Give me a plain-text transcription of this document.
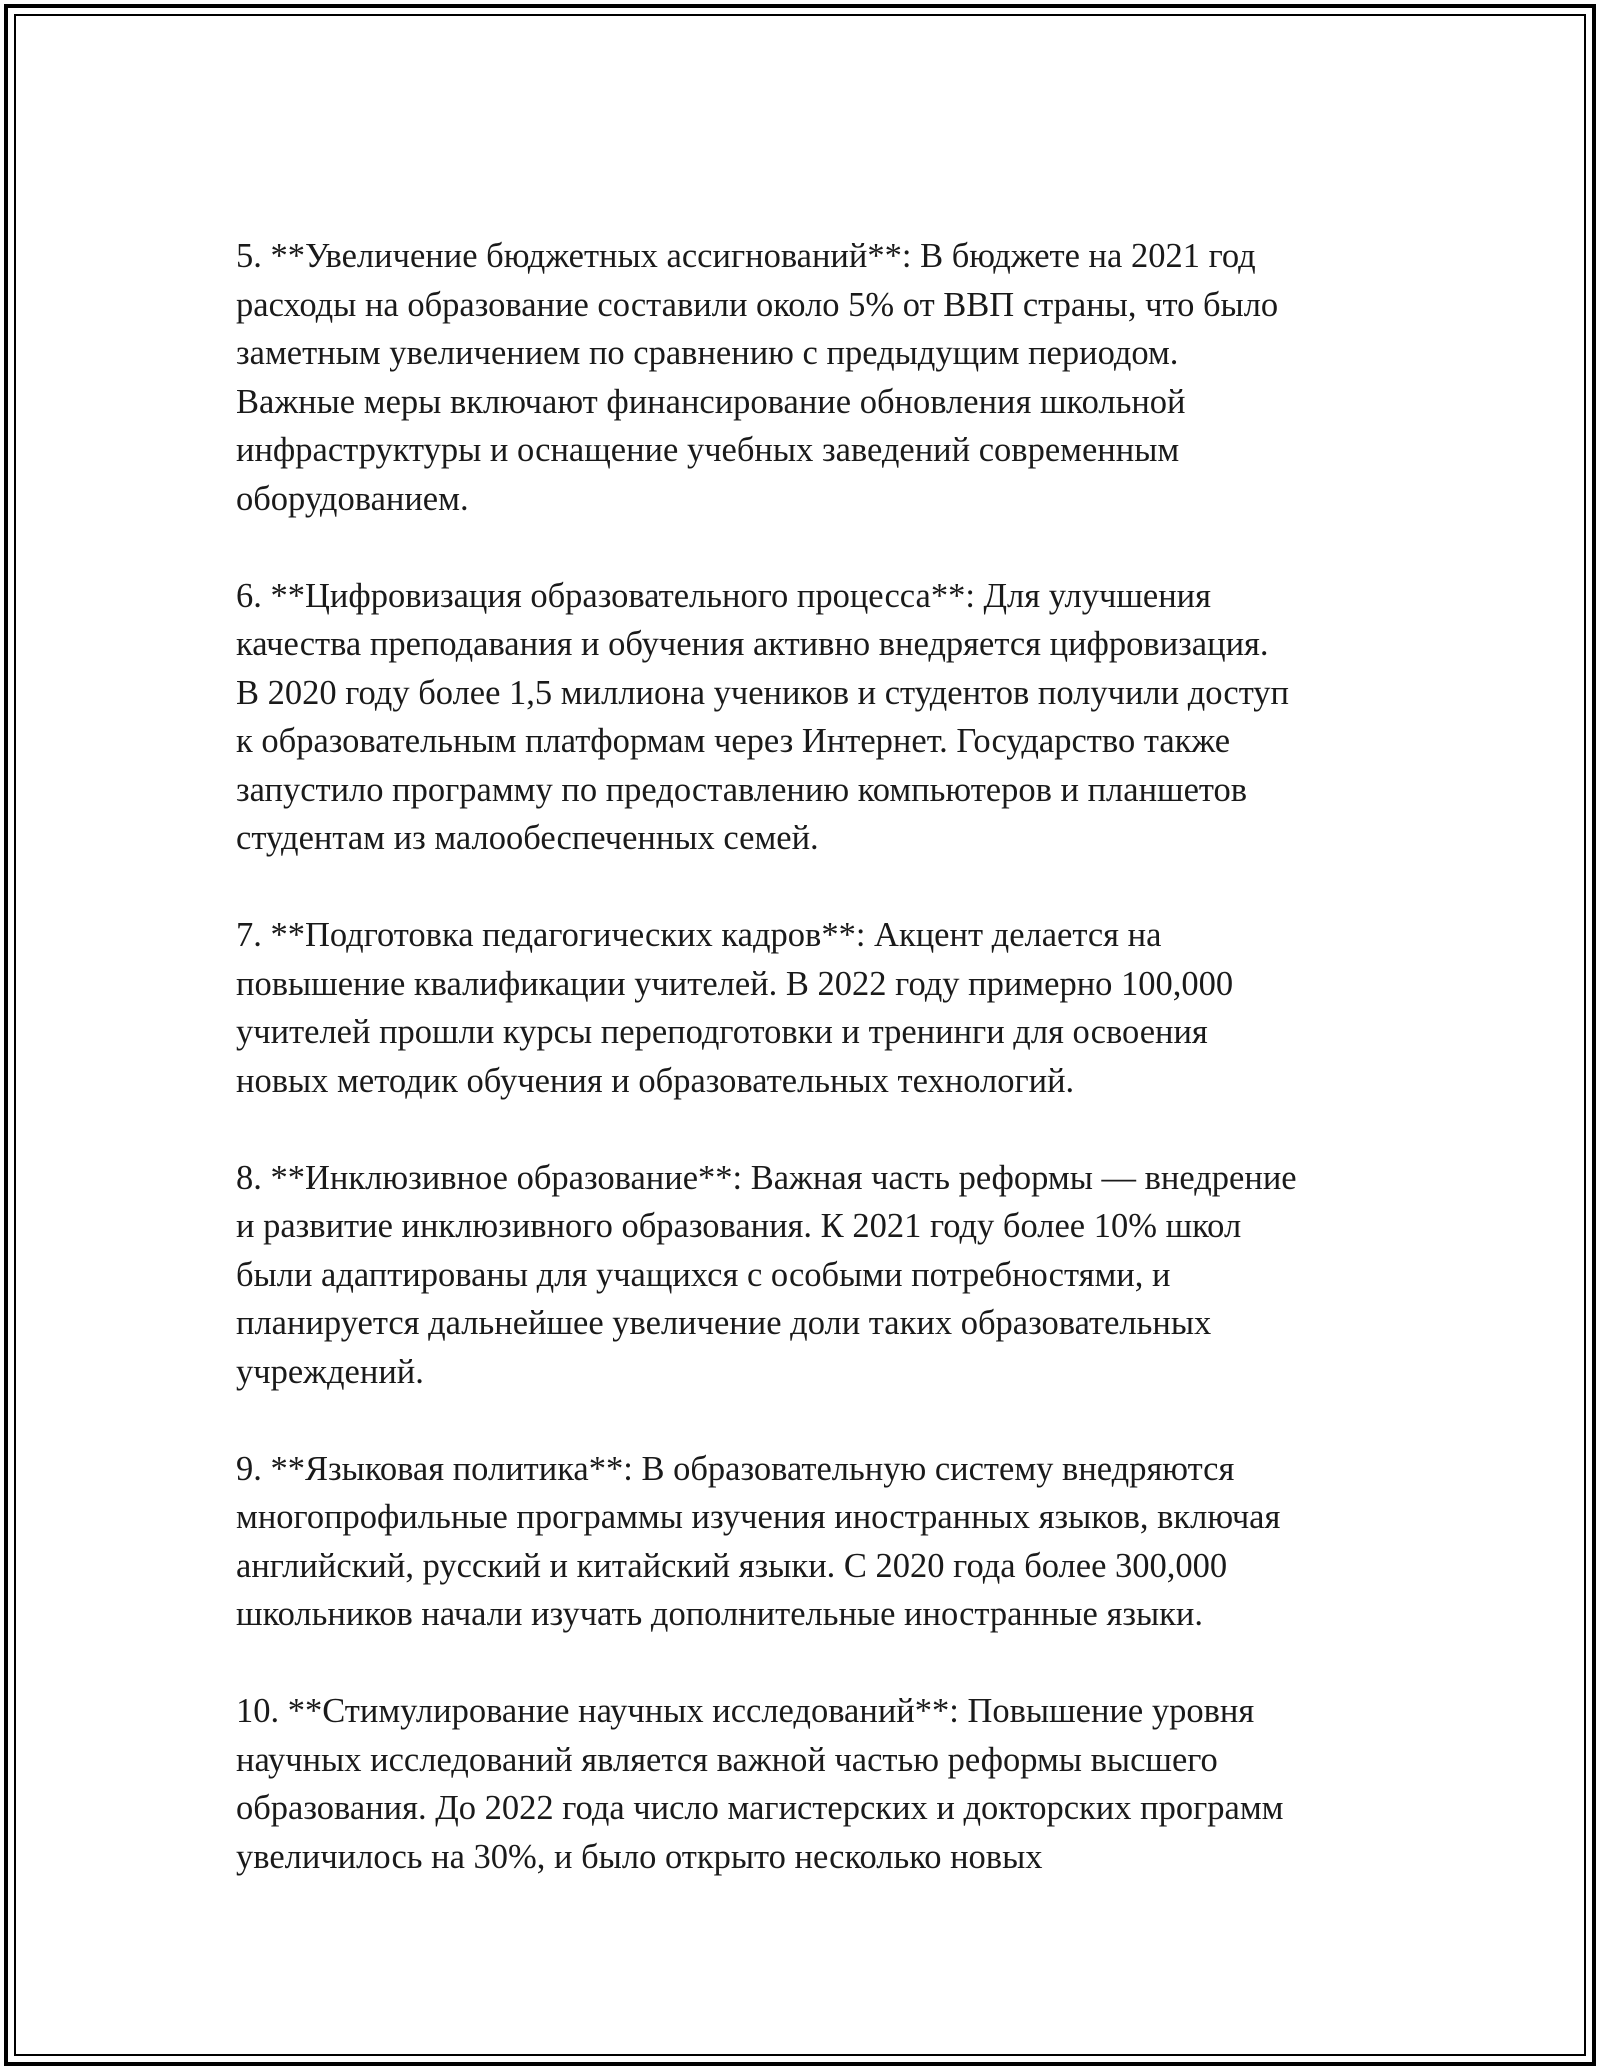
5. **Увеличение бюджетных ассигнований**: В бюджете на 2021 год
расходы на образование составили около 5% от ВВП страны, что было
заметным увеличением по сравнению с предыдущим периодом.
Важные меры включают финансирование обновления школьной
инфраструктуры и оснащение учебных заведений современным
оборудованием.

6. **Цифровизация образовательного процесса**: Для улучшения
качества преподавания и обучения активно внедряется цифровизация.
В 2020 году более 1,5 миллиона учеников и студентов получили доступ
к образовательным платформам через Интернет. Государство также
запустило программу по предоставлению компьютеров и планшетов
студентам из малообеспеченных семей.

7. **Подготовка педагогических кадров**: Акцент делается на
повышение квалификации учителей. В 2022 году примерно 100,000
учителей прошли курсы переподготовки и тренинги для освоения
новых методик обучения и образовательных технологий.

8. **Инклюзивное образование**: Важная часть реформы — внедрение
и развитие инклюзивного образования. К 2021 году более 10% школ
были адаптированы для учащихся с особыми потребностями, и
планируется дальнейшее увеличение доли таких образовательных
учреждений.

9. **Языковая политика**: В образовательную систему внедряются
многопрофильные программы изучения иностранных языков, включая
английский, русский и китайский языки. С 2020 года более 300,000
школьников начали изучать дополнительные иностранные языки.

10. **Стимулирование научных исследований**: Повышение уровня
научных исследований является важной частью реформы высшего
образования. До 2022 года число магистерских и докторских программ
увеличилось на 30%, и было открыто несколько новых
